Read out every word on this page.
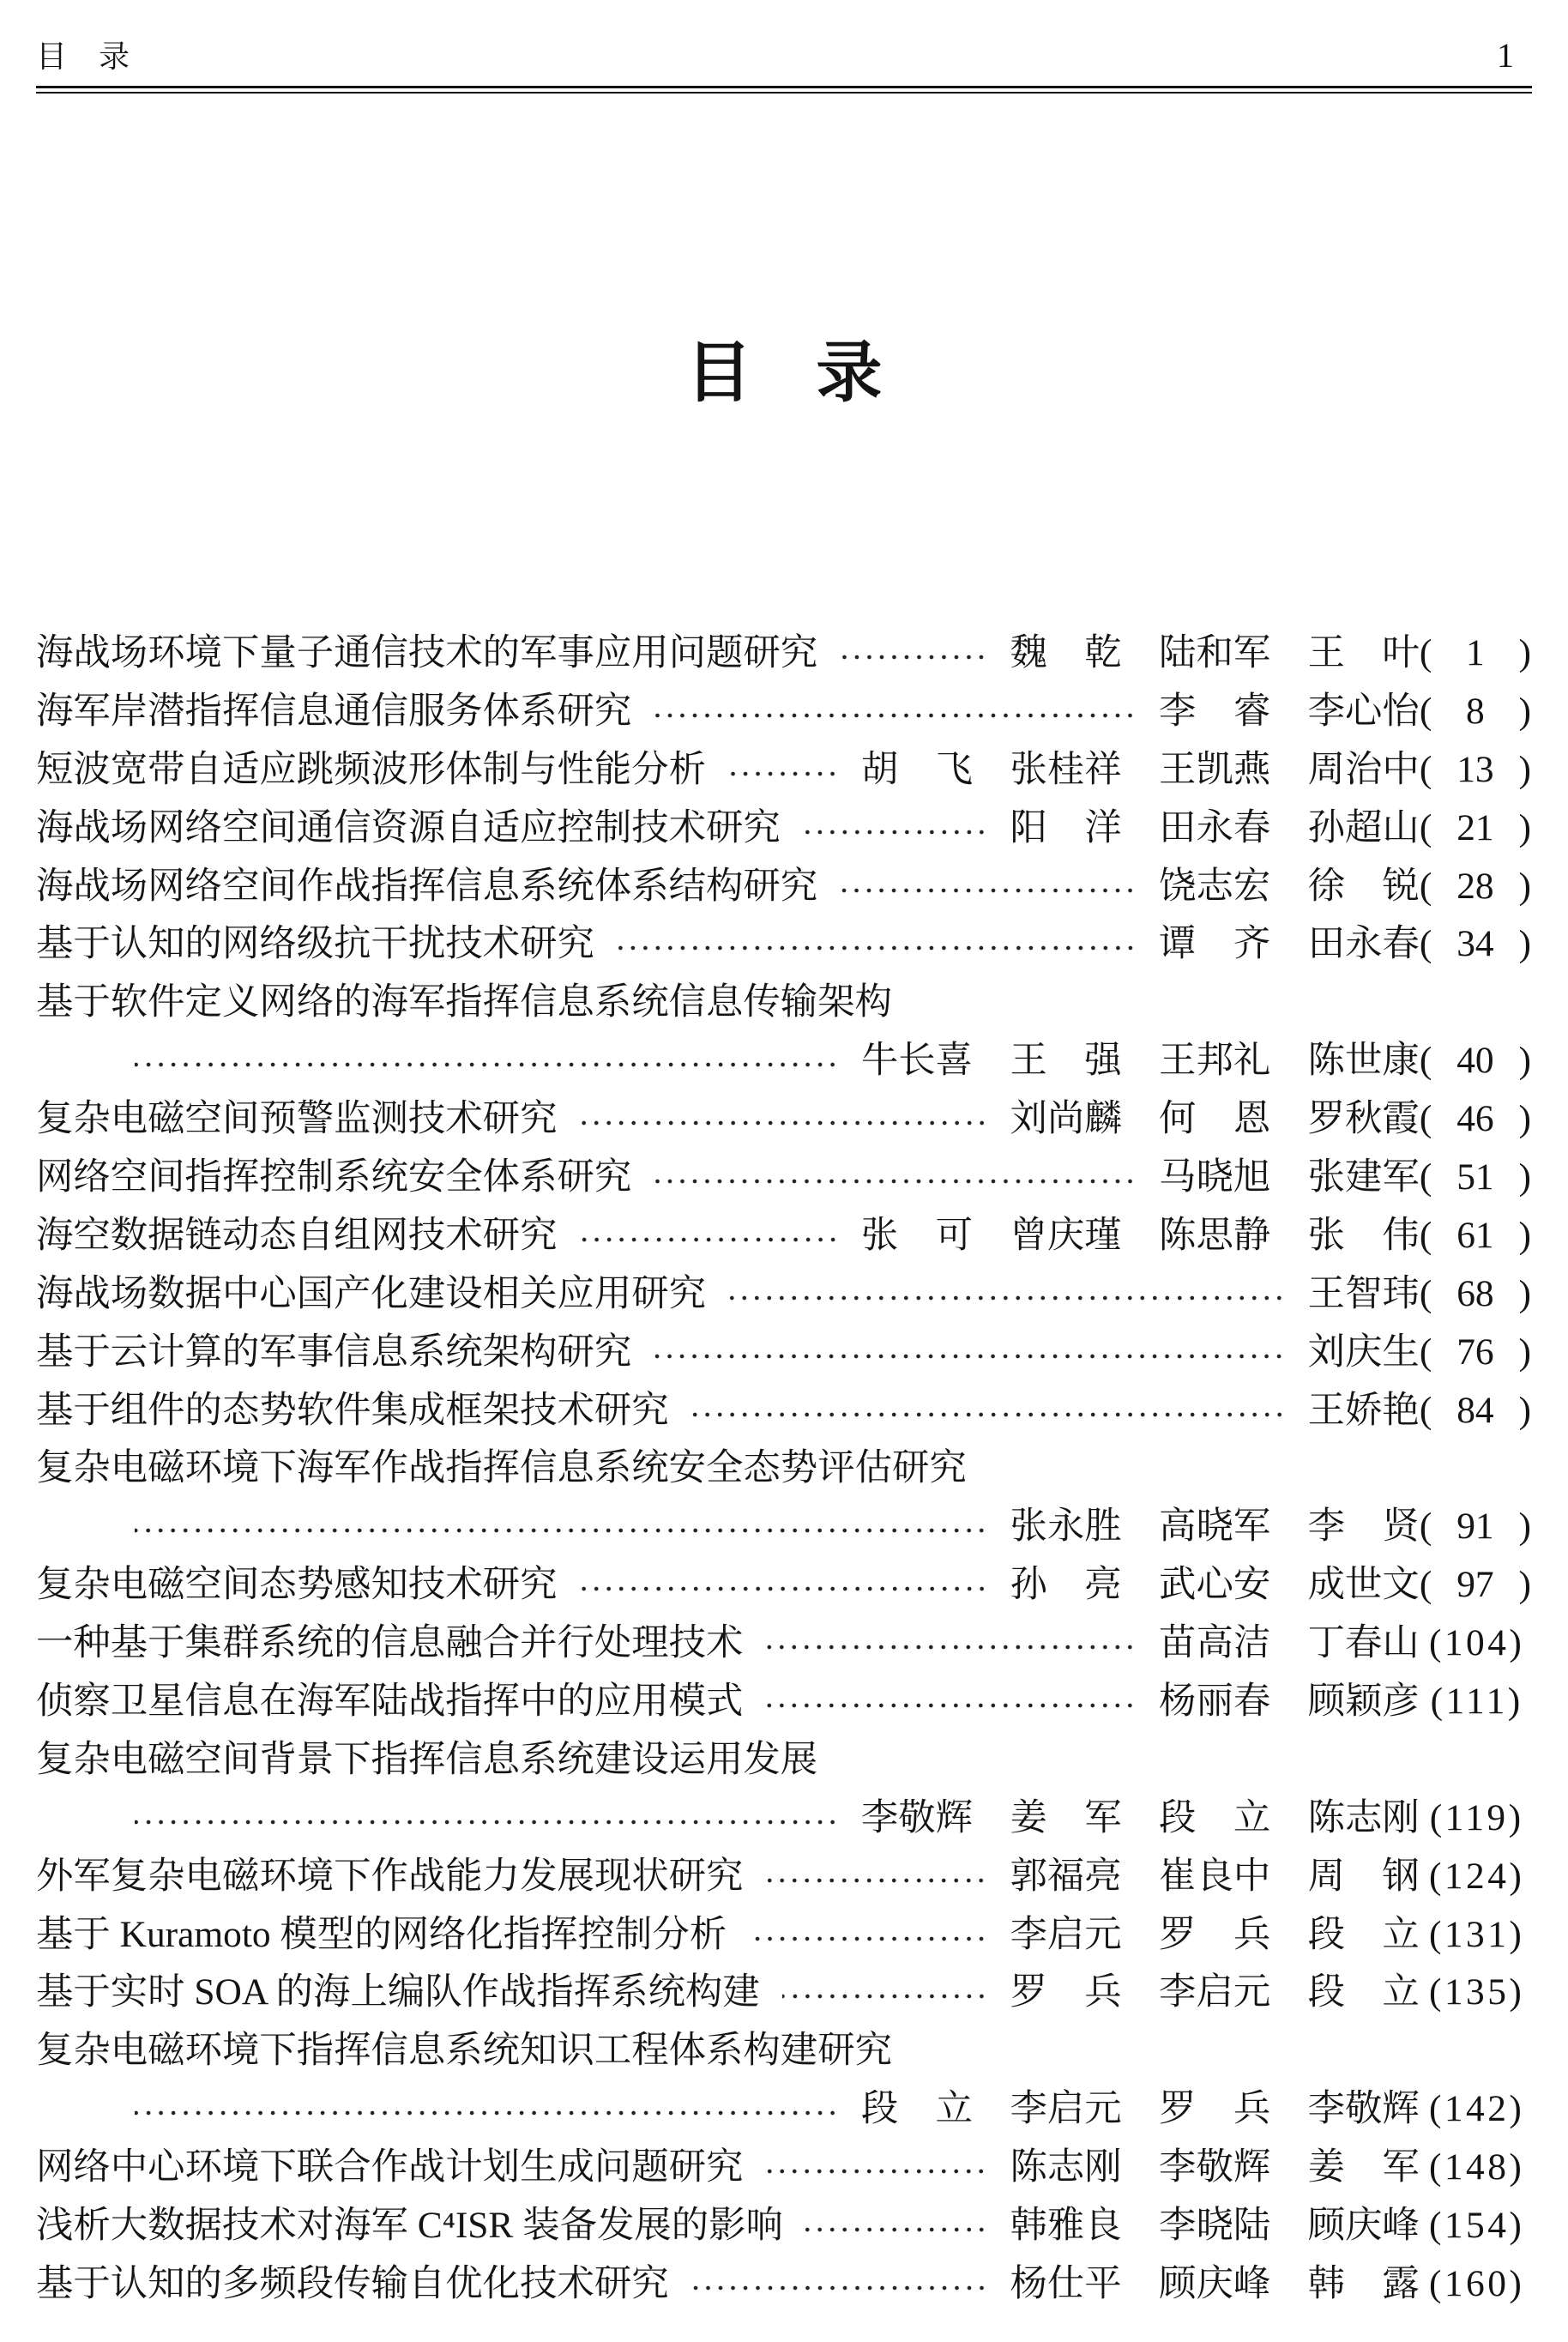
目 录	1
目 录
海战场环境下量子通信技术的军事应用问题研究	魏 乾 陆和军 王 叶 ( 1 )
海军岸潜指挥信息通信服务体系研究	李 睿 李心怡 ( 8 )
短波宽带自适应跳频波形体制与性能分析	胡 飞 张桂祥 王凯燕 周治中 ( 13 )
海战场网络空间通信资源自适应控制技术研究	阳 洋 田永春 孙超山 ( 21 )
海战场网络空间作战指挥信息系统体系结构研究	饶志宏 徐 锐 ( 28 )
基于认知的网络级抗干扰技术研究	谭 齐 田永春 ( 34 )
基于软件定义网络的海军指挥信息系统信息传输架构
牛长喜 王 强 王邦礼 陈世康 ( 40 )
复杂电磁空间预警监测技术研究	刘尚麟 何 恩 罗秋霞 ( 46 )
网络空间指挥控制系统安全体系研究	马晓旭 张建军 ( 51 )
海空数据链动态自组网技术研究	张 可 曾庆瑾 陈思静 张 伟 ( 61 )
海战场数据中心国产化建设相关应用研究	王智玮 ( 68 )
基于云计算的军事信息系统架构研究	刘庆生 ( 76 )
基于组件的态势软件集成框架技术研究	王娇艳 ( 84 )
复杂电磁环境下海军作战指挥信息系统安全态势评估研究
张永胜 高晓军 李 贤 ( 91 )
复杂电磁空间态势感知技术研究	孙 亮 武心安 成世文 ( 97 )
一种基于集群系统的信息融合并行处理技术	苗高洁 丁春山 (104)
侦察卫星信息在海军陆战指挥中的应用模式	杨丽春 顾颖彦 (111)
复杂电磁空间背景下指挥信息系统建设运用发展
李敬辉 姜 军 段 立 陈志刚 (119)
外军复杂电磁环境下作战能力发展现状研究	郭福亮 崔良中 周 钢 (124)
基于 Kuramoto 模型的网络化指挥控制分析	李启元 罗 兵 段 立 (131)
基于实时 SOA 的海上编队作战指挥系统构建	罗 兵 李启元 段 立 (135)
复杂电磁环境下指挥信息系统知识工程体系构建研究
段 立 李启元 罗 兵 李敬辉 (142)
网络中心环境下联合作战计划生成问题研究	陈志刚 李敬辉 姜 军 (148)
浅析大数据技术对海军 C⁴ISR 装备发展的影响	韩雅良 李晓陆 顾庆峰 (154)
基于认知的多频段传输自优化技术研究	杨仕平 顾庆峰 韩 露 (160)
